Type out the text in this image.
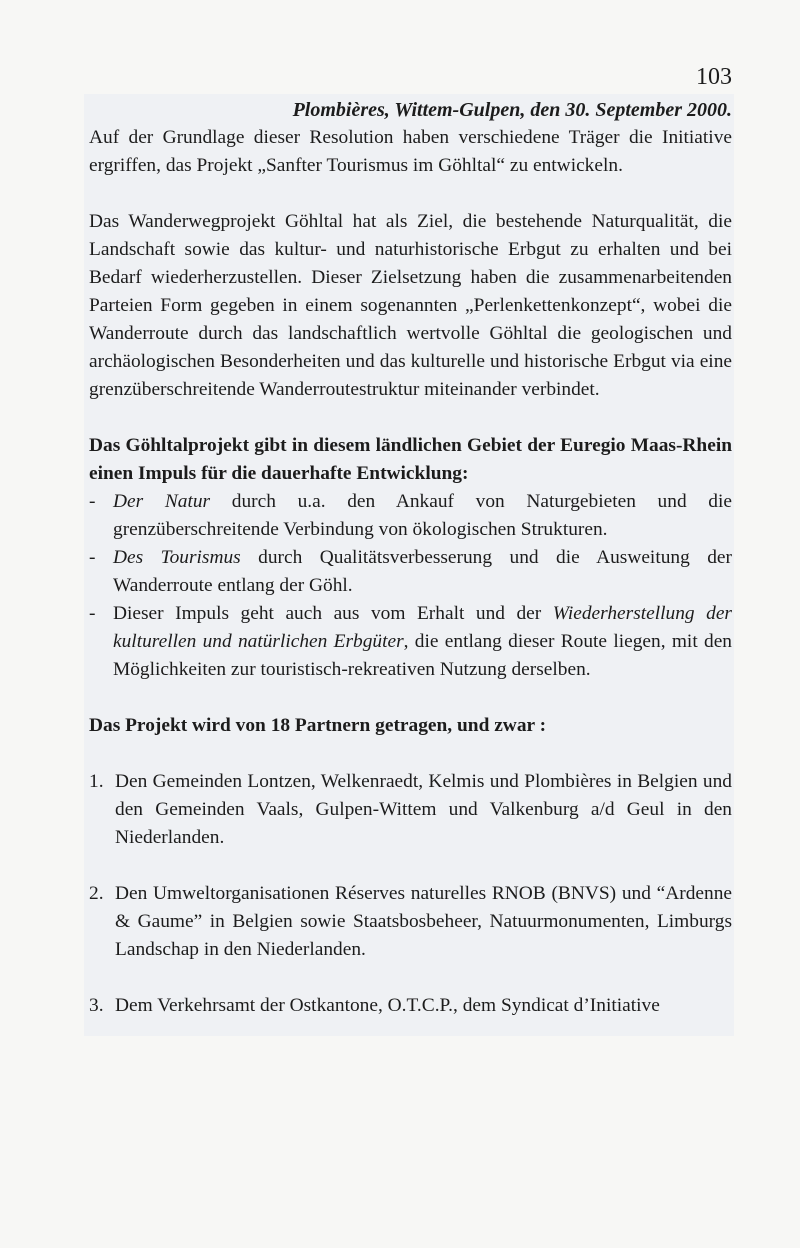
103

Plombières, Wittem-Gulpen, den 30. September 2000.

Auf der Grundlage dieser Resolution haben verschiedene Träger die Initiative ergriffen, das Projekt „Sanfter Tourismus im Göhltal“ zu entwickeln.

Das Wanderwegprojekt Göhltal hat als Ziel, die bestehende Naturqualität, die Landschaft sowie das kultur- und naturhistorische Erbgut zu erhalten und bei Bedarf wiederherzustellen. Dieser Zielsetzung haben die zusammenarbeitenden Parteien Form gegeben in einem sogenannten „Perlenkettenkonzept“, wobei die Wanderroute durch das landschaftlich wertvolle Göhltal die geologischen und archäologischen Besonderheiten und das kulturelle und historische Erbgut via eine grenzüberschreitende Wanderroutestruktur miteinander verbindet.

Das Göhltalprojekt gibt in diesem ländlichen Gebiet der Euregio Maas-Rhein einen Impuls für die dauerhafte Entwicklung:

- Der Natur durch u.a. den Ankauf von Naturgebieten und die grenzüberschreitende Verbindung von ökologischen Strukturen.
- Des Tourismus durch Qualitätsverbesserung und die Ausweitung der Wanderroute entlang der Göhl.
- Dieser Impuls geht auch aus vom Erhalt und der Wiederherstellung der kulturellen und natürlichen Erbgüter, die entlang dieser Route liegen, mit den Möglichkeiten zur touristisch-rekreativen Nutzung derselben.

Das Projekt wird von 18 Partnern getragen, und zwar :

1. Den Gemeinden Lontzen, Welkenraedt, Kelmis und Plombières in Belgien und den Gemeinden Vaals, Gulpen-Wittem und Valkenburg a/d Geul in den Niederlanden.
2. Den Umweltorganisationen Réserves naturelles RNOB (BNVS) und “Ardenne & Gaume” in Belgien sowie Staatsbosbeheer, Natuurmonumenten, Limburgs Landschap in den Niederlanden.
3. Dem Verkehrsamt der Ostkantone, O.T.C.P., dem Syndicat d’Initiative
